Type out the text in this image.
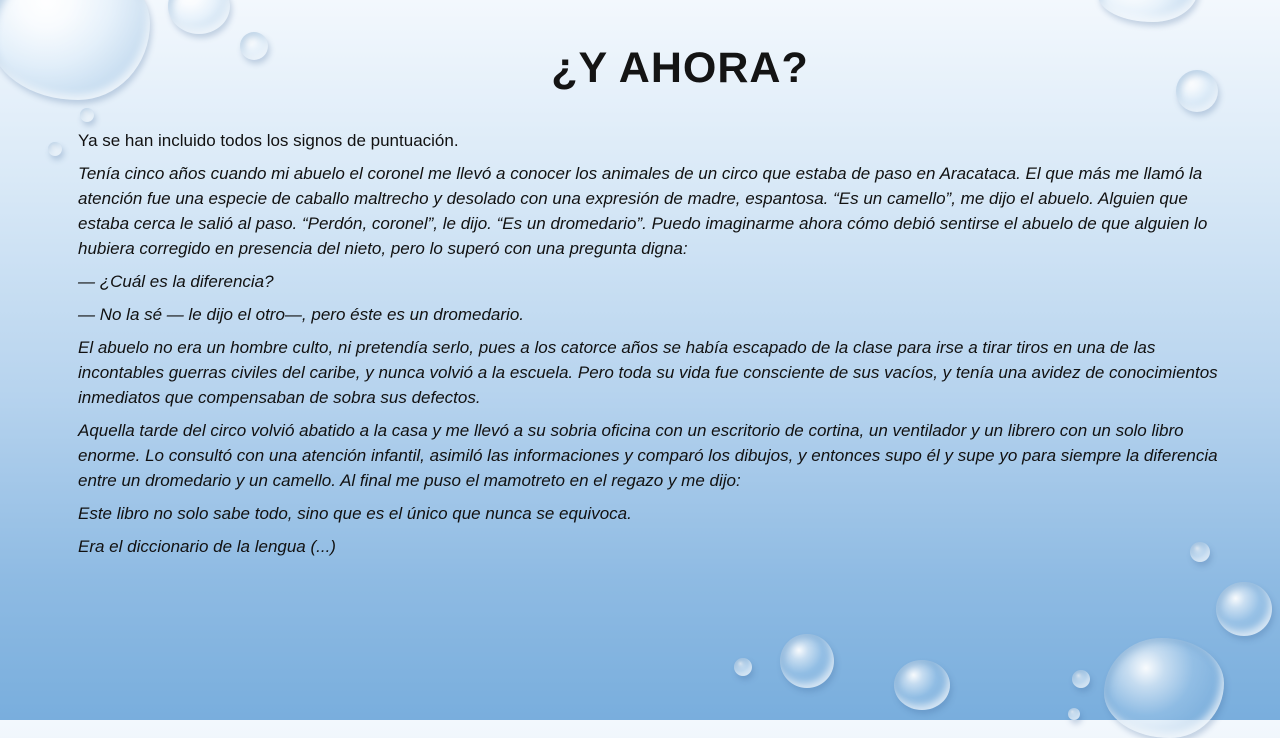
¿Y AHORA?

Ya se han incluido todos los signos de puntuación.

Tenía cinco años cuando mi abuelo el coronel me llevó a conocer los animales de un circo que estaba de paso en Aracataca. El que más me llamó la atención fue una especie de caballo maltrecho y desolado con una expresión de madre, espantosa. “Es un camello”, me dijo el abuelo. Alguien que estaba cerca le salió al paso. “Perdón, coronel”, le dijo. “Es un dromedario”. Puedo imaginarme ahora cómo debió sentirse el abuelo de que alguien lo hubiera corregido en presencia del nieto, pero lo superó con una pregunta digna:

— ¿Cuál es la diferencia?

— No la sé — le dijo el otro—, pero éste es un dromedario.

El abuelo no era un hombre culto, ni pretendía serlo, pues a los catorce años se había escapado de la clase para irse a tirar tiros en una de las incontables guerras civiles del caribe, y nunca volvió a la escuela. Pero toda su vida fue consciente de sus vacíos, y tenía una avidez de conocimientos inmediatos que compensaban de sobra sus defectos.

Aquella tarde del circo volvió abatido a la casa y me llevó a su sobria oficina con un escritorio de cortina, un ventilador y un librero con un solo libro enorme. Lo consultó con una atención infantil, asimiló las informaciones y comparó los dibujos, y entonces supo él y supe yo para siempre la diferencia entre un dromedario y un camello. Al final me puso el mamotreto en el regazo y me dijo:

Este libro no solo sabe todo, sino que es el único que nunca se equivoca.

Era el diccionario de la lengua (...)
